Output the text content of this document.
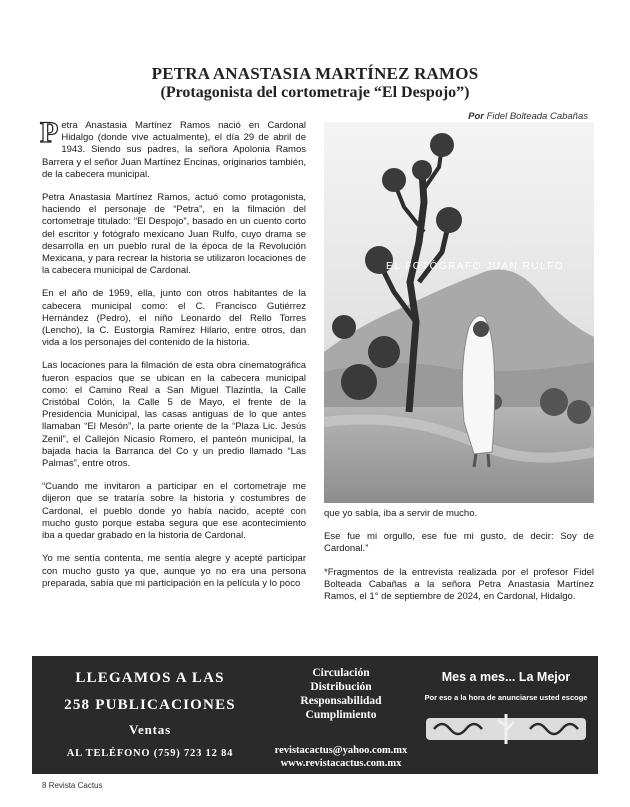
PETRA ANASTASIA MARTÍNEZ RAMOS
(Protagonista del cortometraje “El Despojo”)
Por Fidel Bolteada Cabañas

Petra Anastasia Martínez Ramos nació en Cardonal Hidalgo (donde vive actualmente), el día 29 de abril de 1943. Siendo sus padres, la señora Apolonia Ramos Barrera y el señor Juan Martínez Encinas, originarios también, de la cabecera municipal.

Petra Anastasia Martínez Ramos, actuó como protagonista, haciendo el personaje de “Petra”, en la filmación del cortometraje titulado: “El Despojo”, basado en un cuento corto del escritor y fotógrafo mexicano Juan Rulfo, cuyo drama se desarrolla en un pueblo rural de la época de la Revolución Mexicana, y para recrear la historia se utilizaron locaciones de la cabecera municipal de Cardonal.

En el año de 1959, ella, junto con otros habitantes de la cabecera municipal como: el C. Francisco Gutiérrez Hernández (Pedro), el niño Leonardo del Rello Torres (Lencho), la C. Eustorgia Ramírez Hilario, entre otros, dan vida a los personajes del contenido de la historia.

Las locaciones para la filmación de esta obra cinematográfica fueron espacios que se ubican en la cabecera municipal como: el Camino Real a San Miguel Tlazintla, la Calle Cristóbal Colón, la Calle 5 de Mayo, el frente de la Presidencia Municipal, las casas antiguas de lo que antes llamaban “El Mesón”, la parte oriente de la “Plaza Lic. Jesús Zenil”, el Callejón Nicasio Romero, el panteón municipal, la bajada hacia la Barranca del Co y un predio llamado “Las Palmas”, entre otros.

“Cuando me invitaron a participar en el cortometraje me dijeron que se trataría sobre la historia y costumbres de Cardonal, el pueblo donde yo había nacido, acepté con mucho gusto porque estaba segura que ese acontecimiento iba a quedar grabado en la historia de Cardonal.

Yo me sentía contenta, me sentía alegre y acepté participar con mucho gusto ya que, aunque yo no era una persona preparada, sabía que mi participación en la película y lo poco

EL FOTÓGRAFO JUAN RULFO

que yo sabía, iba a servir de mucho.

Ese fue mi orgullo, ese fue mi gusto, de decir: Soy de Cardonal.”

*Fragmentos de la entrevista realizada por el profesor Fidel Bolteada Cabañas a la señora Petra Anastasia Martínez Ramos, el 1° de septiembre de 2024, en Cardonal, Hidalgo.

LLEGAMOS A LAS
258 PUBLICACIONES
Ventas
AL TELÉFONO (759) 723 12 84
Circulación
Distribución
Responsabilidad
Cumplimiento
revistacactus@yahoo.com.mx
www.revistacactus.com.mx
Mes a mes... La Mejor
Por eso a la hora de anunciarse usted escoge
8 Revista Cactus
